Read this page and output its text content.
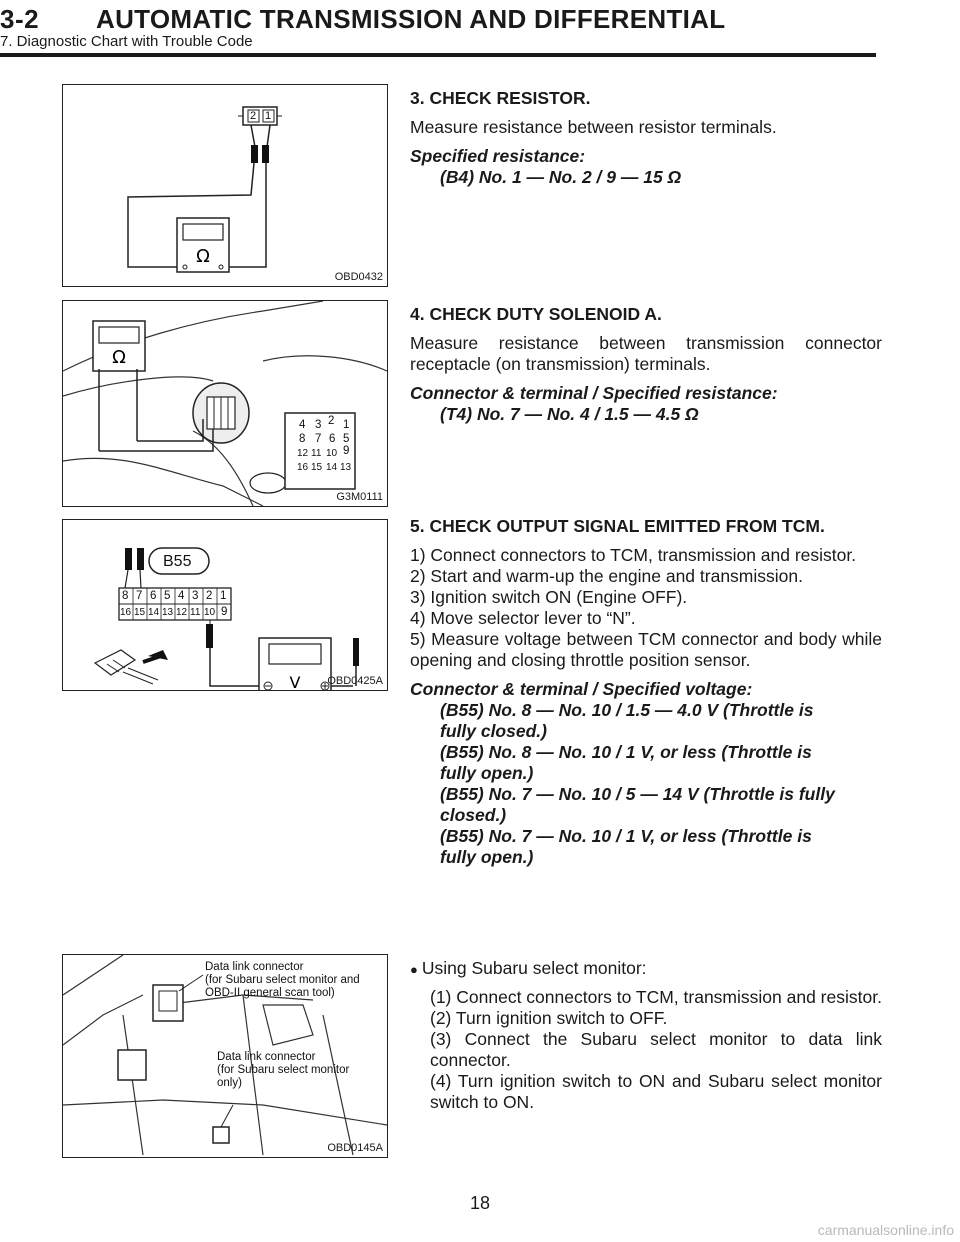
3-2 AUTOMATIC TRANSMISSION AND DIFFERENTIAL
7. Diagnostic Chart with Trouble Code
Ω
2 1
OBD0432
Ω
4 3 2 1
8 7 6 5
12 11 10 9
16 15 14 13
G3M0111
V
B55
8 7 6 5 4 3 2 1
16 15 14 13 12 11 10 9
OBD0425A
Data link connector
(for Subaru select monitor and
OBD-II general scan tool)
Data link connector
(for Subaru select monitor
only)
OBD0145A
3. CHECK RESISTOR.

Measure resistance between resistor terminals.

Specified resistance:
(B4) No. 1 — No. 2 / 9 — 15 Ω
4. CHECK DUTY SOLENOID A.

Measure resistance between transmission connector receptacle (on transmission) terminals.

Connector & terminal / Specified resistance:
(T4) No. 7 — No. 4 / 1.5 — 4.5 Ω
5. CHECK OUTPUT SIGNAL EMITTED FROM TCM.
1) Connect connectors to TCM, transmission and resistor.
2) Start and warm-up the engine and transmission.
3) Ignition switch ON (Engine OFF).
4) Move selector lever to “N”.

5) Measure voltage between TCM connector and body while opening and closing throttle position sensor.

Connector & terminal / Specified voltage:
(B55) No. 8 — No. 10 / 1.5 — 4.0 V (Throttle is
fully closed.)
(B55) No. 8 — No. 10 / 1 V, or less (Throttle is
fully open.)
(B55) No. 7 — No. 10 / 5 — 14 V (Throttle is fully
closed.)
(B55) No. 7 — No. 10 / 1 V, or less (Throttle is
fully open.)
● Using Subaru select monitor:
(1) Connect connectors to TCM, transmission and resistor.
(2) Turn ignition switch to OFF.
(3) Connect the Subaru select monitor to data link connector.
(4) Turn ignition switch to ON and Subaru select monitor switch to ON.
18
carmanualsonline.info
